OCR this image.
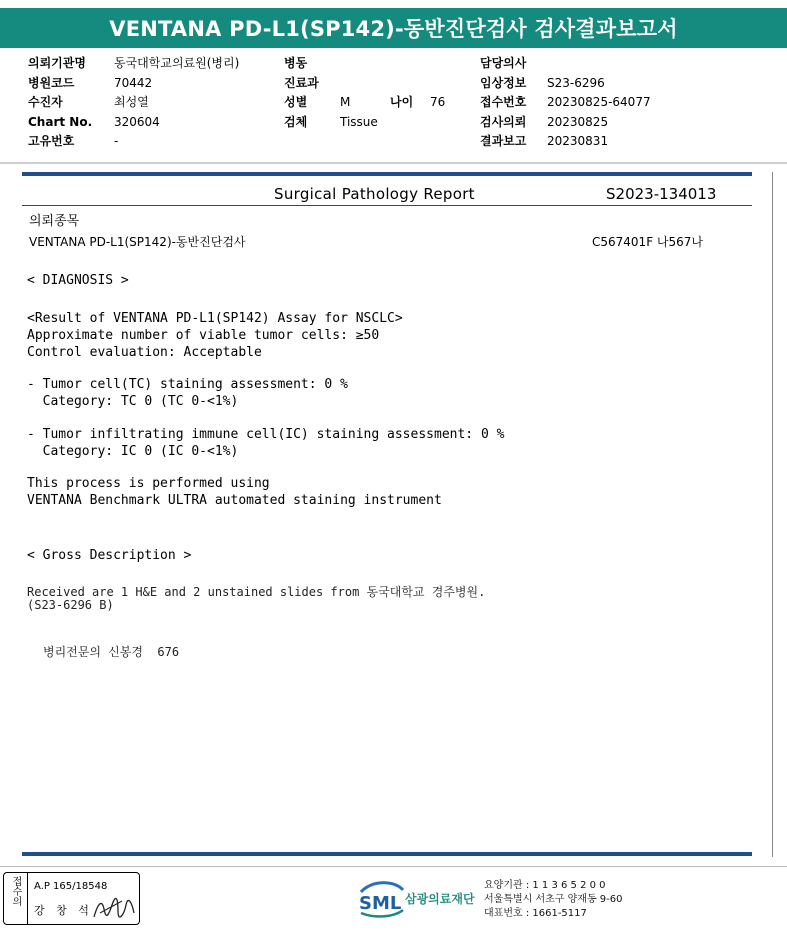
VENTANA PD-L1(SP142)-동반진단검사 검사결과보고서
의뢰기관명	동국대학교의료원(병리)
병원코드	70442
수진자	최성열
Chart No.	320604
고유번호	-
병동
진료과
성별	M	나이	76
검체	Tissue
담당의사
임상정보	S23-6296
접수번호	20230825-64077
검사의뢰	20230825
결과보고	20230831
Surgical Pathology Report	S2023-134013
의뢰종목
VENTANA PD-L1(SP142)-동반진단검사	C567401F 나567나
< DIAGNOSIS >
<Result of VENTANA PD-L1(SP142) Assay for NSCLC>
Approximate number of viable tumor cells: ≥50
Control evaluation: Acceptable
- Tumor cell(TC) staining assessment: 0 %
Category: TC 0 (TC 0-<1%)
- Tumor infiltrating immune cell(IC) staining assessment: 0 %
Category: IC 0 (IC 0-<1%)
This process is performed using
VENTANA Benchmark ULTRA automated staining instrument
< Gross Description >
Received are 1 H&E and 2 unstained slides from 동국대학교 경주병원.
(S23-6296 B)
병리전문의 신봉경  676
접수의	A.P 165/18548
강 창 석	SML 삼광의료재단
요양기관 : 1 1 3 6 5 2 0 0
서울특별시 서초구 양재동 9-60
대표번호 : 1661-5117
